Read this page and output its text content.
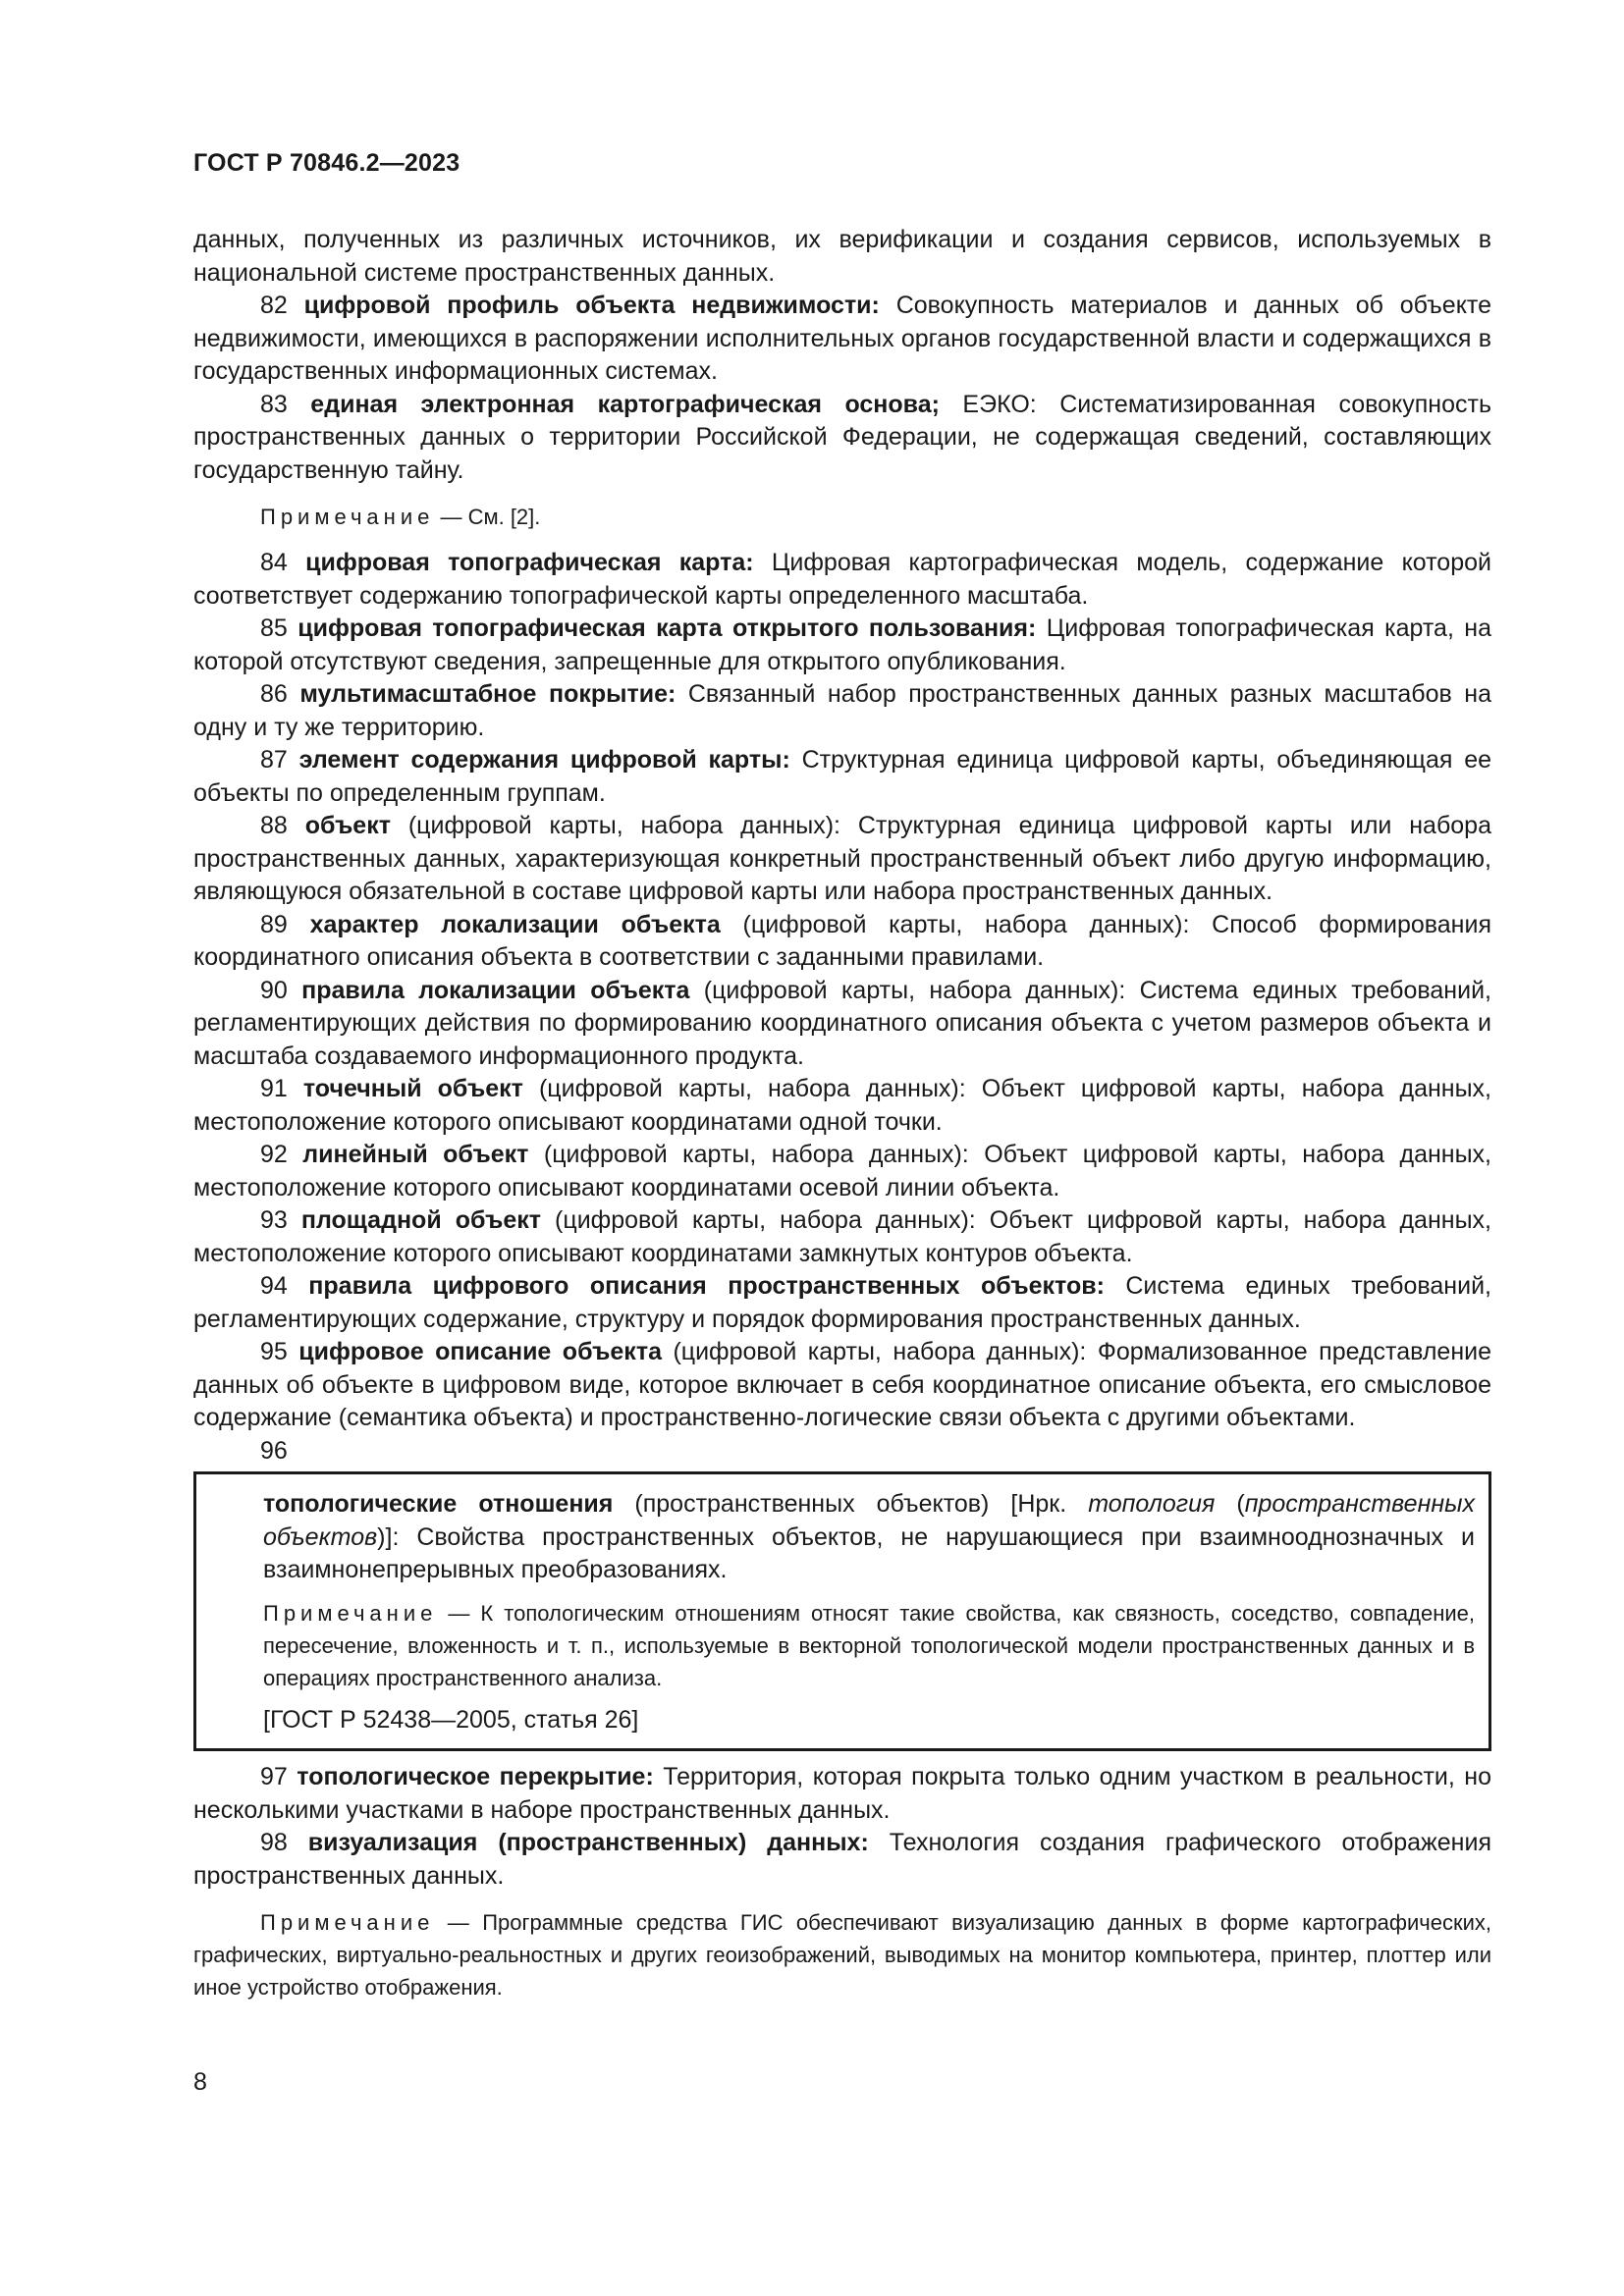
ГОСТ Р 70846.2—2023

данных, полученных из различных источников, их верификации и создания сервисов, используемых в национальной системе пространственных данных.

82 цифровой профиль объекта недвижимости: Совокупность материалов и данных об объекте недвижимости, имеющихся в распоряжении исполнительных органов государственной власти и содержащихся в государственных информационных системах.

83 единая электронная картографическая основа; ЕЭКО: Систематизированная совокупность пространственных данных о территории Российской Федерации, не содержащая сведений, составляющих государственную тайну.

Примечание — См. [2].

84 цифровая топографическая карта: Цифровая картографическая модель, содержание которой соответствует содержанию топографической карты определенного масштаба.

85 цифровая топографическая карта открытого пользования: Цифровая топографическая карта, на которой отсутствуют сведения, запрещенные для открытого опубликования.

86 мультимасштабное покрытие: Связанный набор пространственных данных разных масштабов на одну и ту же территорию.

87 элемент содержания цифровой карты: Структурная единица цифровой карты, объединяющая ее объекты по определенным группам.

88 объект (цифровой карты, набора данных): Структурная единица цифровой карты или набора пространственных данных, характеризующая конкретный пространственный объект либо другую информацию, являющуюся обязательной в составе цифровой карты или набора пространственных данных.

89 характер локализации объекта (цифровой карты, набора данных): Способ формирования координатного описания объекта в соответствии с заданными правилами.

90 правила локализации объекта (цифровой карты, набора данных): Система единых требований, регламентирующих действия по формированию координатного описания объекта с учетом размеров объекта и масштаба создаваемого информационного продукта.

91 точечный объект (цифровой карты, набора данных): Объект цифровой карты, набора данных, местоположение которого описывают координатами одной точки.

92 линейный объект (цифровой карты, набора данных): Объект цифровой карты, набора данных, местоположение которого описывают координатами осевой линии объекта.

93 площадной объект (цифровой карты, набора данных): Объект цифровой карты, набора данных, местоположение которого описывают координатами замкнутых контуров объекта.

94 правила цифрового описания пространственных объектов: Система единых требований, регламентирующих содержание, структуру и порядок формирования пространственных данных.

95 цифровое описание объекта (цифровой карты, набора данных): Формализованное представление данных об объекте в цифровом виде, которое включает в себя координатное описание объекта, его смысловое содержание (семантика объекта) и пространственно-логические связи объекта с другими объектами.

96

топологические отношения (пространственных объектов) [Нрк. топология (пространственных объектов)]: Свойства пространственных объектов, не нарушающиеся при взаимнооднозначных и взаимнонепрерывных преобразованиях.

Примечание — К топологическим отношениям относят такие свойства, как связность, соседство, совпадение, пересечение, вложенность и т. п., используемые в векторной топологической модели пространственных данных и в операциях пространственного анализа.

[ГОСТ Р 52438—2005, статья 26]

97 топологическое перекрытие: Территория, которая покрыта только одним участком в реальности, но несколькими участками в наборе пространственных данных.

98 визуализация (пространственных) данных: Технология создания графического отображения пространственных данных.

Примечание — Программные средства ГИС обеспечивают визуализацию данных в форме картографических, графических, виртуально-реальностных и других геоизображений, выводимых на монитор компьютера, принтер, плоттер или иное устройство отображения.

8
